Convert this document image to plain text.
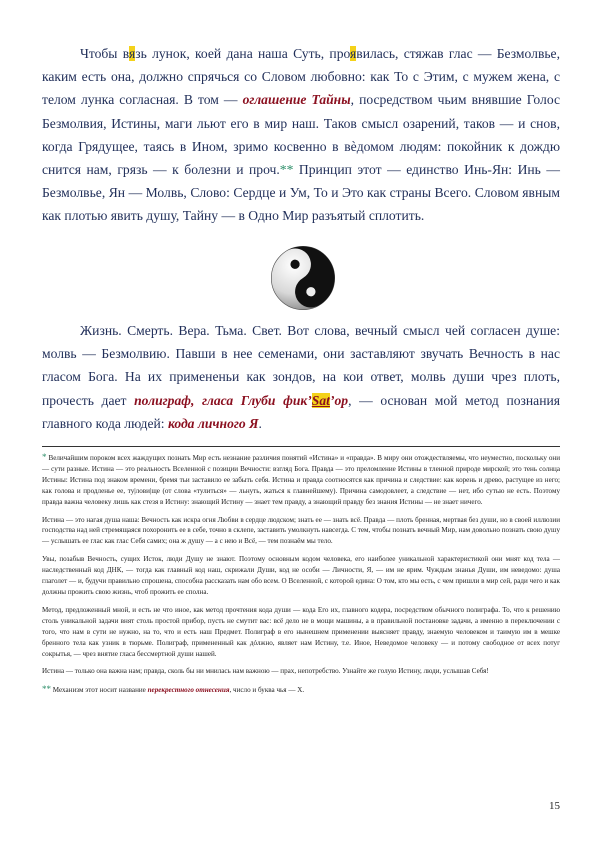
Чтобы вязь лунок, коей дана наша Суть, проявилась, стяжав глас — Безмолвье, каким есть она, должно спрячься со Словом любовно: как То с Этим, с мужем жена, с телом лунка согласная. В том — оглашение Тайны, посредством чьим внявшие Голос Безмолвия, Истины, маги льют его в мир наш. Таков смысл озарений, таков — и снов, когда Грядущее, таясь в Ином, зримо косвенно в вѐдомом людям: покойник к дождю снится нам, грязь — к болезни и проч.** Принцип этот — единство Инь-Ян: Инь — Безмолвье, Ян — Молвь, Слово: Сердце и Ум, То и Это как страны Всего. Словом явным как плотью явить душу, Тайну — в Одно Мир разъятый сплотить.
Жизнь. Смерть. Вера. Тьма. Свет. Вот слова, вечный смысл чей согласен душе: молвь — Безмолвию. Павши в нее семенами, они заставляют звучать Вечность в нас гласом Бога. На их примененьи как зондов, на кои ответ, молвь души чрез плоть, прочесть дает полиграф, гласа Глуби фик’Sat’ор, — основан мой метод познания главного кода людей: кода личного Я.

* Величайшим пороком всех жаждущих познать Мир есть незнание различия понятий «Истина» и «правда». В миру они отождествляемы, что неуместно, поскольку они — сути разные. Истина — это реальность Вселенной с позиции Вечности: взгляд Бога. Правда — это преломление Истины в тленной природе мирской; это тень солнца Истины: Истина под знаком времени, бремя тьи заставило ее забыть себя. Истина и правда соотносятся как причина и следствие: как корень и древо, растущее из него; как голова и продленье ее, ту|лови|ще (от слова «тулиться» — льнуть, жаться к главнейшему). Причина самодовлеет, а следствие — нет, ибо сутью не есть. Поэтому правда важна человеку лишь как стезя в Истину: знающий Истину — знает тем правду, а знающий правду без знания Истины — не знает ничего.

Истина — это нагая душа наша: Вечность как искра огня Любви в сердце людском; знать ее — знать всё. Правда — плоть бренная, мертвая без души, но в своей иллюзии господства над ней стремящаяся похоронить ее в себе, точно в склепе, заставить умолкнуть навсегда. С тем, чтобы познать вечный Мир, нам довольно познать свою душу — услышать ее глас как глас Себя самих; она ж душу — а с нею и Всё, — тем познаём мы тело.

Увы, позабыв Вечность, сущих Исток, люди Душу не знают. Поэтому основным кодом человека, его наиболее уникальной характеристикой они мнят код тела — наследственный код ДНК, — тогда как главный код наш, скрижали Души, код не особи — Личности, Я, — им не ярим. Чуждым знанья Души, им неведомо: душа глаголет — и, будучи правильно спрошена, способна рассказать нам обо всем. О Вселенной, с которой едина: О том, кто мы есть, с чем пришли в мир сей, ради чего и как должны прожить свою жизнь, чтоб прожить ее сполна.

Метод, предложенный мной, и есть не что иное, как метод прочтения кода души — кода Его их, главного кодера, посредством обычного полиграфа. То, что к решению столь уникальной задачи внят столь простой прибор, пусть не смутит вас: всё дело не в мощи машины, а в правильной постановке задачи, а именно в переключении с того, что нам в сути не нужно, на то, что и есть наш Предмет. Полиграф в его нынешнем применении выясняет правду, знаемую человеком и таимую им в мешке бренного тела как узник в тюрьме. Полиграф, примененный как дóлжно, являет нам Истину, т.е. Иное, Неведомое человеку — и потому свободное от всех потуг сокрытья, — чрез внятие гласа бессмертной души нашей.

Истина — только она важна нам; правда, сколь бы ни мнилась нам важною — прах, непотребство. Узнайте же голую Истину, люди, услышав Себя!

** Механизм этот носит название перекрестного отнесения, число и буква чья — X.

15
